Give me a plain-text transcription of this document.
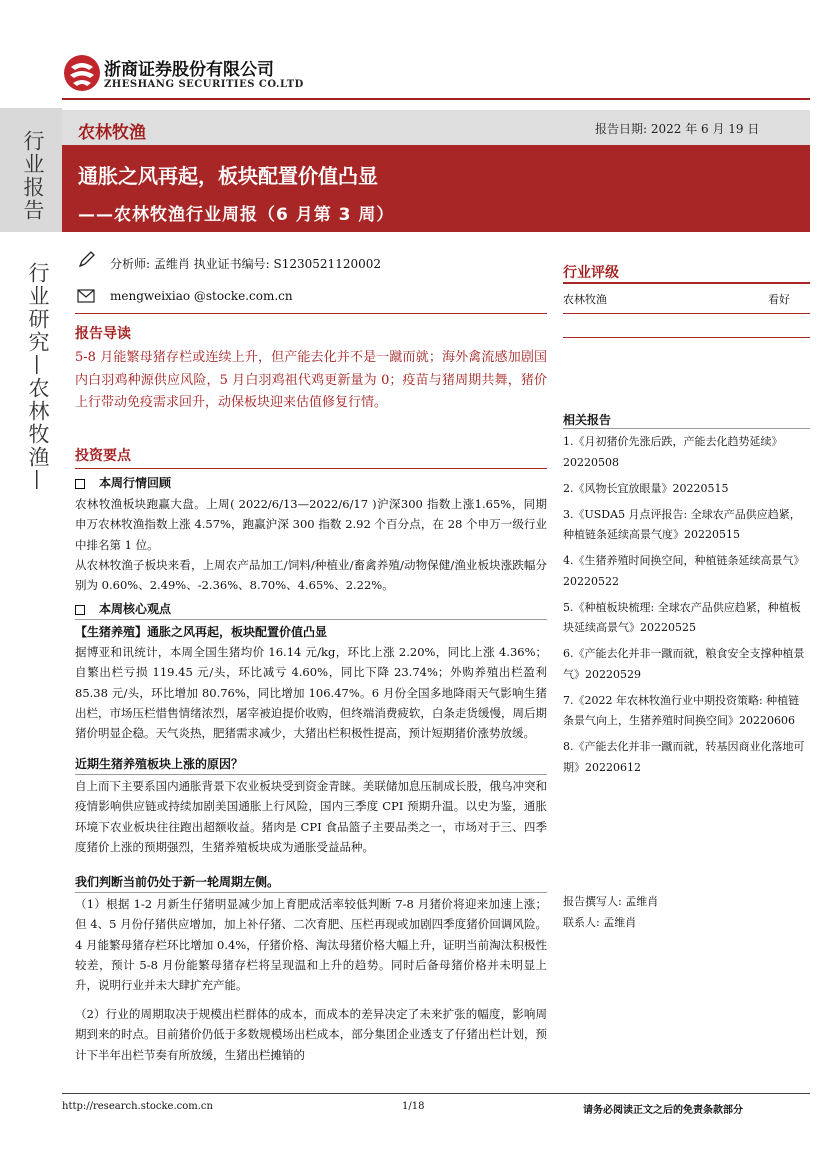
行业报告
行业研究—农林牧渔—
浙商证券股份有限公司
ZHESHANG SECURITIES CO.LTD
农林牧渔	报告日期: 2022 年 6 月 19 日
通胀之风再起，板块配置价值凸显
——农林牧渔行业周报（6 月第 3 周）
分析师: 孟维肖 执业证书编号: S1230521120002
mengweixiao @stocke.com.cn
报告导读
5-8 月能繁母猪存栏或连续上升，但产能去化并不是一蹴而就；海外禽流感加剧国内白羽鸡种源供应风险，5 月白羽鸡祖代鸡更新量为 0；疫苗与猪周期共舞，猪价上行带动免疫需求回升，动保板块迎来估值修复行情。
投资要点
本周行情回顾
农林牧渔板块跑赢大盘。上周( 2022/6/13—2022/6/17 )沪深300 指数上涨1.65%，同期申万农林牧渔指数上涨 4.57%，跑赢沪深 300 指数 2.92 个百分点，在 28 个申万一级行业中排名第 1 位。
从农林牧渔子板块来看，上周农产品加工/饲料/种植业/畜禽养殖/动物保健/渔业板块涨跌幅分别为 0.60%、2.49%、-2.36%、8.70%、4.65%、2.22%。
本周核心观点
【生猪养殖】通胀之风再起，板块配置价值凸显
据博亚和讯统计，本周全国生猪均价 16.14 元/kg，环比上涨 2.20%，同比上涨 4.36%；自繁出栏亏损 119.45 元/头，环比减亏 4.60%，同比下降 23.74%；外购养殖出栏盈利 85.38 元/头，环比增加 80.76%，同比增加 106.47%。6 月份全国多地降雨天气影响生猪出栏，市场压栏惜售情绪浓烈，屠宰被迫提价收购，但终端消费疲软，白条走货缓慢，周后期猪价明显企稳。天气炎热，肥猪需求减少，大猪出栏积极性提高，预计短期猪价涨势放缓。
近期生猪养殖板块上涨的原因？
自上而下主要系国内通胀背景下农业板块受到资金青睐。美联储加息压制成长股，俄乌冲突和疫情影响供应链或持续加剧美国通胀上行风险，国内三季度 CPI 预期升温。以史为鉴，通胀环境下农业板块往往跑出超额收益。猪肉是 CPI 食品篮子主要品类之一，市场对于三、四季度猪价上涨的预期强烈，生猪养殖板块成为通胀受益品种。
我们判断当前仍处于新一轮周期左侧。
（1）根据 1-2 月新生仔猪明显减少加上育肥成活率较低判断 7-8 月猪价将迎来加速上涨；但 4、5 月份仔猪供应增加，加上补仔猪、二次育肥、压栏再现或加剧四季度猪价回调风险。4 月能繁母猪存栏环比增加 0.4%，仔猪价格、淘汰母猪价格大幅上升，证明当前淘汰积极性较差，预计 5-8 月份能繁母猪存栏将呈现温和上升的趋势。同时后备母猪价格并未明显上升，说明行业并未大肆扩充产能。
（2）行业的周期取决于规模出栏群体的成本，而成本的差异决定了未来扩张的幅度，影响周期到来的时点。目前猪价仍低于多数规模场出栏成本，部分集团企业透支了仔猪出栏计划，预计下半年出栏节奏有所放缓，生猪出栏摊销的
行业评级
农林牧渔	看好
相关报告
1.《月初猪价先涨后跌，产能去化趋势延续》20220508
2.《风物长宜放眼量》20220515
3.《USDA5 月点评报告: 全球农产品供应趋紧，种植链条延续高景气度》20220515
4.《生猪养殖时间换空间，种植链条延续高景气》20220522
5.《种植板块梳理: 全球农产品供应趋紧，种植板块延续高景气》20220525
6.《产能去化并非一蹴而就，粮食安全支撑种植景气》20220529
7.《2022 年农林牧渔行业中期投资策略: 种植链条景气向上，生猪养殖时间换空间》20220606
8.《产能去化并非一蹴而就，转基因商业化落地可期》20220612
报告撰写人: 孟维肖
联系人: 孟维肖
http://research.stocke.com.cn	1/18	请务必阅读正文之后的免责条款部分
